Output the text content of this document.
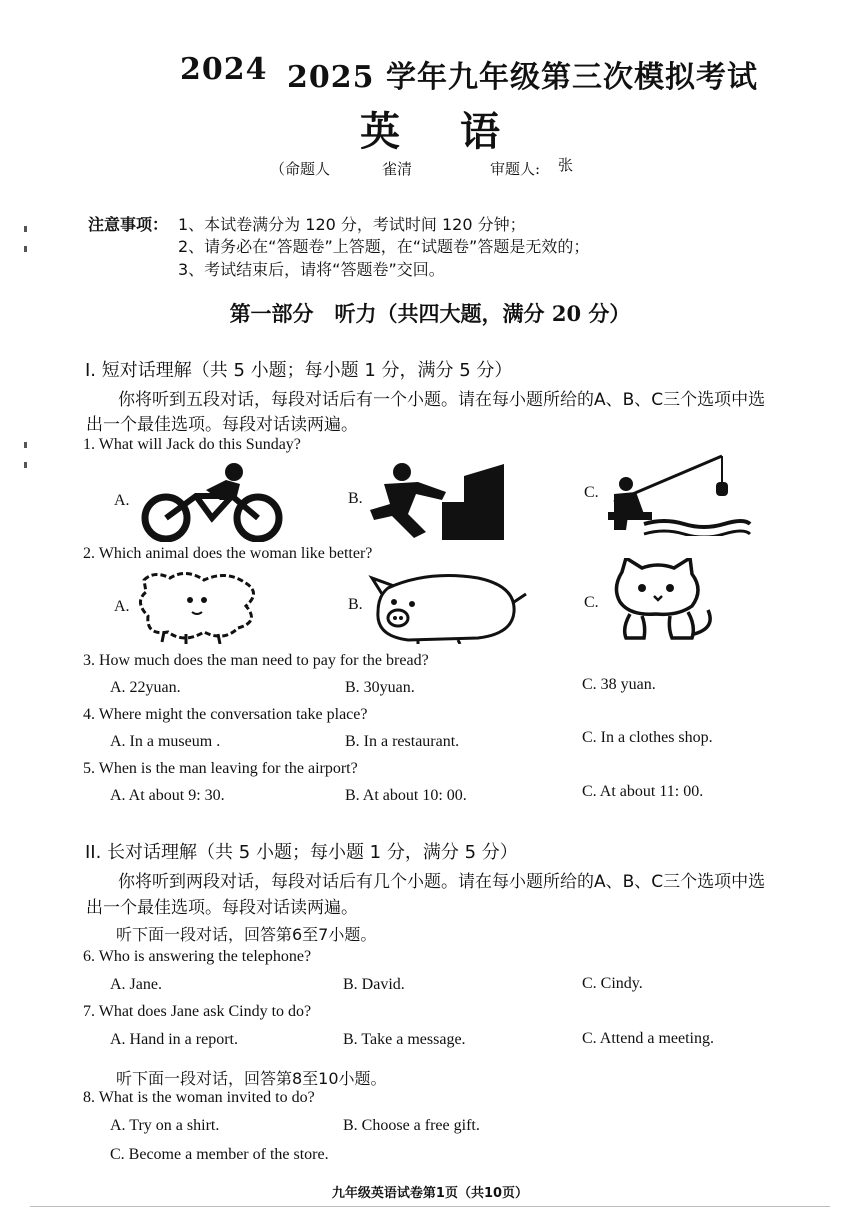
2024 2025 学年九年级第三次模拟考试
英语
（命题人	雀清	审题人: 张
注意事项： 1、本试卷满分为 120 分，考试时间 120 分钟；
2、请务必在“答题卷”上答题，在“试题卷”答题是无效的；
3、考试结束后，请将“答题卷”交回。
第一部分　听力（共四大题，满分 20 分）
I. 短对话理解（共 5 小题；每小题 1 分，满分 5 分）
你将听到五段对话，每段对话后有一个小题。请在每小题所给的A、B、C三个选项中选
出一个最佳选项。每段对话读两遍。
1. What will Jack do this Sunday?
A.	B.	C.
2. Which animal does the woman like better?
A.	B.	C.
3. How much does the man need to pay for the bread?
A. 22yuan.	B. 30yuan.	C. 38 yuan.
4. Where might the conversation take place?
A. In a museum .	B. In a restaurant.	C. In a clothes shop.
5. When is the man leaving for the airport?
A. At about 9: 30.	B. At about 10: 00.	C. At about 11: 00.
II. 长对话理解（共 5 小题；每小题 1 分，满分 5 分）
你将听到两段对话，每段对话后有几个小题。请在每小题所给的A、B、C三个选项中选
出一个最佳选项。每段对话读两遍。
听下面一段对话，回答第6至7小题。
6. Who is answering the telephone?
A. Jane.	B. David.	C. Cindy.
7. What does Jane ask Cindy to do?
A. Hand in a report.	B. Take a message.	C. Attend a meeting.
听下面一段对话，回答第8至10小题。
8. What is the woman invited to do?
A. Try on a shirt.	B. Choose a free gift.
C. Become a member of the store.
九年级英语试卷第1页（共10页）
